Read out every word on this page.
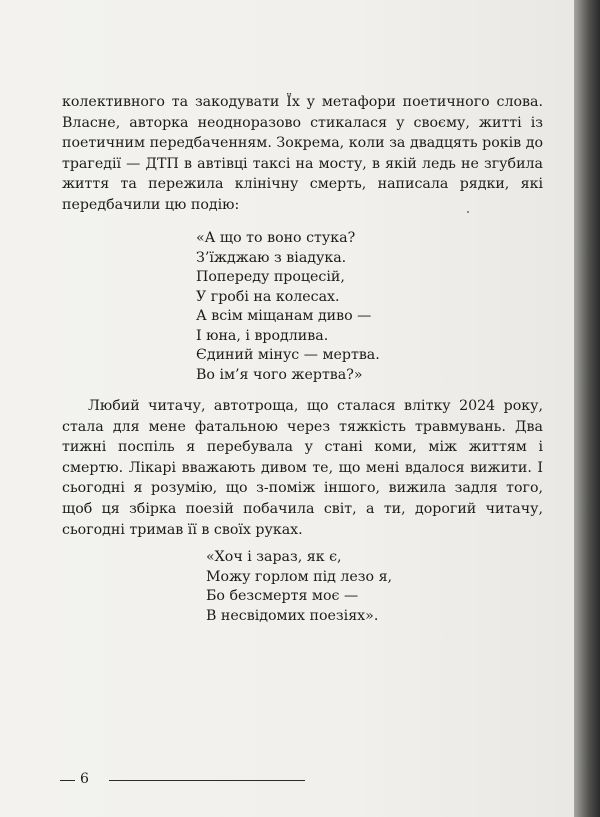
колективного та закодувати Їх у метафори поетичного слова. Власне, авторка неодноразово стикалася у своєму, житті із поетичним передбаченням. Зокрема, коли за двадцять років до трагедії — ДТП в автівці таксі на мосту, в якій ледь не згубила життя та пережила клінічну смерть, написала рядки, які передбачили цю подію:

«А що то воно стука?
З’їжджаю з віадука.
Попереду процесій,
У гробі на колесах.
А всім міщанам диво —
І юна, і вродлива.
Єдиний мінус — мертва.
Во ім’я чого жертва?»

Любий читачу, автотроща, що сталася влітку 2024 року, стала для мене фатальною через тяжкість травмувань. Два тижні поспіль я перебувала у стані коми, між життям і смертю. Лікарі вважають дивом те, що мені вдалося вижити. І сьогодні я розумію, що з-поміж іншого, вижила задля того, щоб ця збірка поезій побачила світ, а ти, дорогий читачу, сьогодні тримав її в своїх руках.

«Хоч і зараз, як є,
Можу горлом під лезо я,
Бо безсмертя моє —
В несвідомих поезіях».
6
